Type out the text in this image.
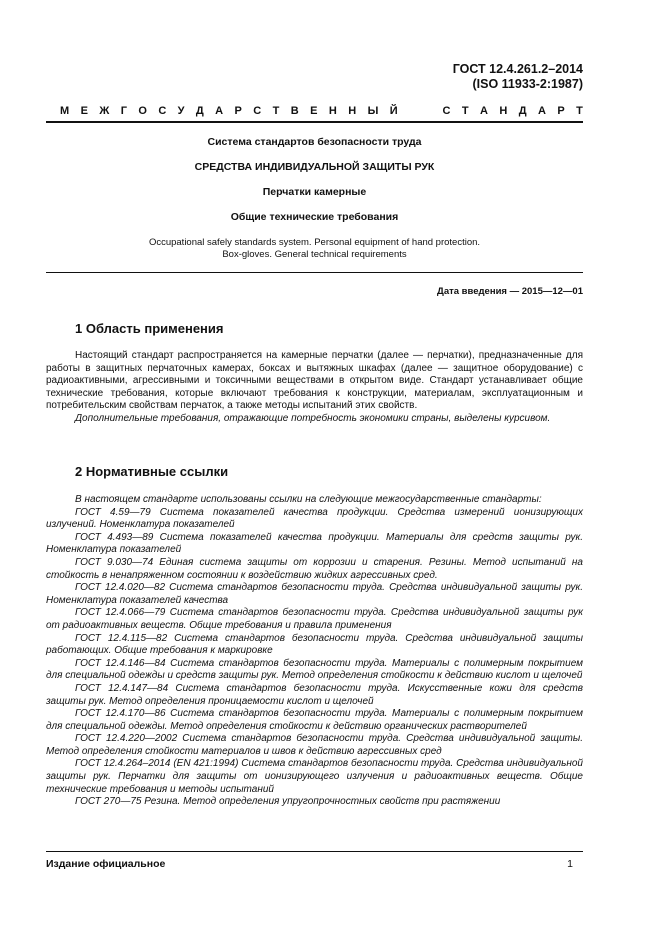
ГОСТ 12.4.261.2–2014
(ISO 11933-2:1987)
М Е Ж Г О С У Д А Р С Т В Е Н Н Ы Й	С Т А Н Д А Р Т
Система стандартов безопасности труда
СРЕДСТВА ИНДИВИДУАЛЬНОЙ ЗАЩИТЫ РУК
Перчатки камерные
Общие технические требования
Occupational safely standards system. Personal equipment of hand protection.
Box-gloves. General technical requirements
Дата введения — 2015—12—01
1 Область применения

Настоящий стандарт распространяется на камерные перчатки (далее — перчатки), предназначенные для работы в защитных перчаточных камерах, боксах и вытяжных шкафах (далее — защитное оборудование) с радиоактивными, агрессивными и токсичными веществами в открытом виде. Стандарт устанавливает общие технические требования, которые включают требования к конструкции, материалам, эксплуатационным и потребительским свойствам перчаток, а также методы испытаний этих свойств.

Дополнительные требования, отражающие потребность экономики страны, выделены курсивом.

2 Нормативные ссылки

В настоящем стандарте использованы ссылки на следующие межгосударственные стандарты:

ГОСТ 4.59—79 Система показателей качества продукции. Средства измерений ионизирующих излучений. Номенклатура показателей

ГОСТ 4.493—89 Система показателей качества продукции. Материалы для средств защиты рук. Номенклатура показателей

ГОСТ 9.030—74 Единая система защиты от коррозии и старения. Резины. Метод испытаний на стойкость в ненапряженном состоянии к воздействию жидких агрессивных сред.

ГОСТ 12.4.020—82 Система стандартов безопасности труда. Средства индивидуальной защиты рук. Номенклатура показателей качества

ГОСТ 12.4.066—79 Система стандартов безопасности труда. Средства индивидуальной защиты рук от радиоактивных веществ. Общие требования и правила применения

ГОСТ 12.4.115—82 Система стандартов безопасности труда. Средства индивидуальной защиты работающих. Общие требования к маркировке

ГОСТ 12.4.146—84 Система стандартов безопасности труда. Материалы с полимерным покрытием для специальной одежды и средств защиты рук. Метод определения стойкости к действию кислот и щелочей

ГОСТ 12.4.147—84 Система стандартов безопасности труда. Искусственные кожи для средств защиты рук. Метод определения проницаемости кислот и щелочей

ГОСТ 12.4.170—86 Система стандартов безопасности труда. Материалы с полимерным покрытием для специальной одежды. Метод определения стойкости к действию органических растворителей

ГОСТ 12.4.220—2002 Система стандартов безопасности труда. Средства индивидуальной защиты. Метод определения стойкости материалов и швов к действию агрессивных сред

ГОСТ 12.4.264–2014 (EN 421:1994) Система стандартов безопасности труда. Средства индивидуальной защиты рук. Перчатки для защиты от ионизирующего излучения и радиоактивных веществ. Общие технические требования и методы испытаний

ГОСТ 270—75 Резина. Метод определения упругопрочностных свойств при растяжении

Издание официальное	1
